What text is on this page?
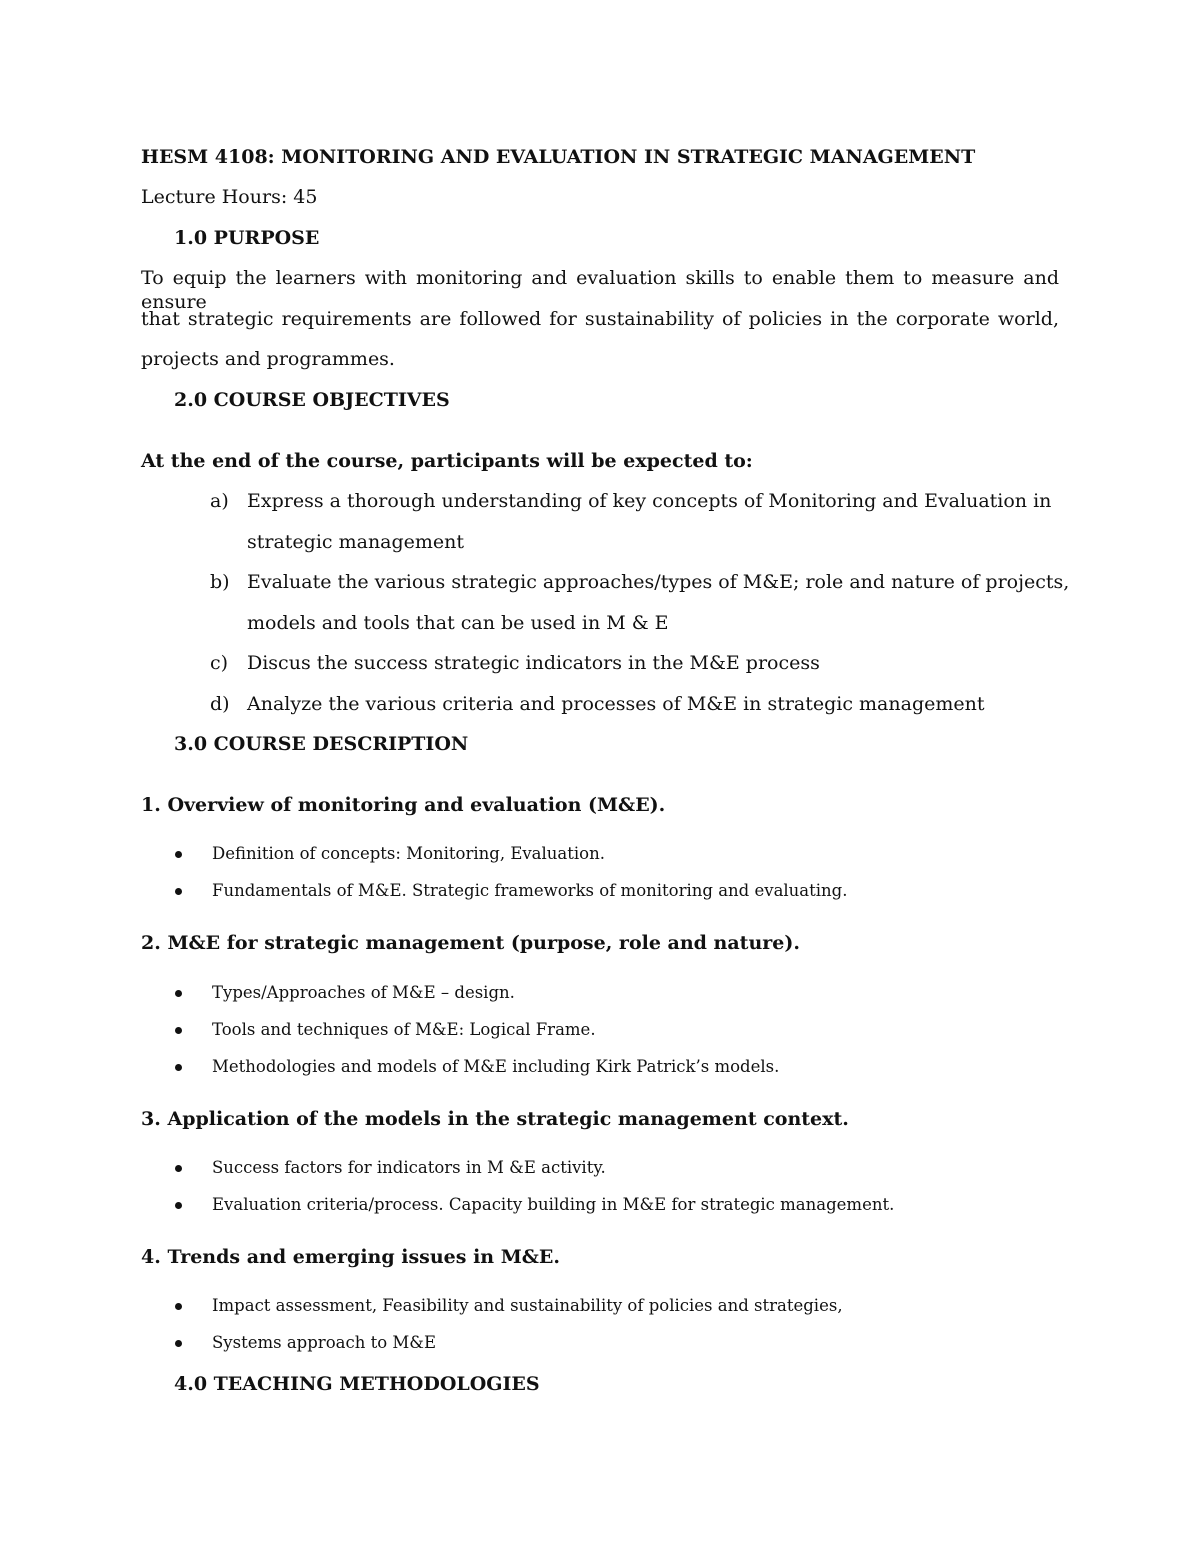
HESM 4108: MONITORING AND EVALUATION IN STRATEGIC MANAGEMENT
Lecture Hours: 45
1.0 PURPOSE
To equip the learners with monitoring and evaluation skills to enable them to measure and ensure
that strategic requirements are followed for sustainability of policies in the corporate world,
projects and programmes.
2.0 COURSE OBJECTIVES
At the end of the course, participants will be expected to:
a) Express a thorough understanding of key concepts of Monitoring and Evaluation in
strategic management
b) Evaluate the various strategic approaches/types of M&E; role and nature of projects,
models and tools that can be used in M & E
c) Discus the success strategic indicators in the M&E process
d) Analyze the various criteria and processes of M&E in strategic management
3.0 COURSE DESCRIPTION
1. Overview of monitoring and evaluation (M&E).
Definition of concepts: Monitoring, Evaluation.
Fundamentals of M&E. Strategic frameworks of monitoring and evaluating.
2. M&E for strategic management (purpose, role and nature).
Types/Approaches of M&E – design.
Tools and techniques of M&E: Logical Frame.
Methodologies and models of M&E including Kirk Patrick’s models.
3. Application of the models in the strategic management context.
Success factors for indicators in M &E activity.
Evaluation criteria/process. Capacity building in M&E for strategic management.
4. Trends and emerging issues in M&E.
Impact assessment, Feasibility and sustainability of policies and strategies,
Systems approach to M&E
4.0 TEACHING METHODOLOGIES
